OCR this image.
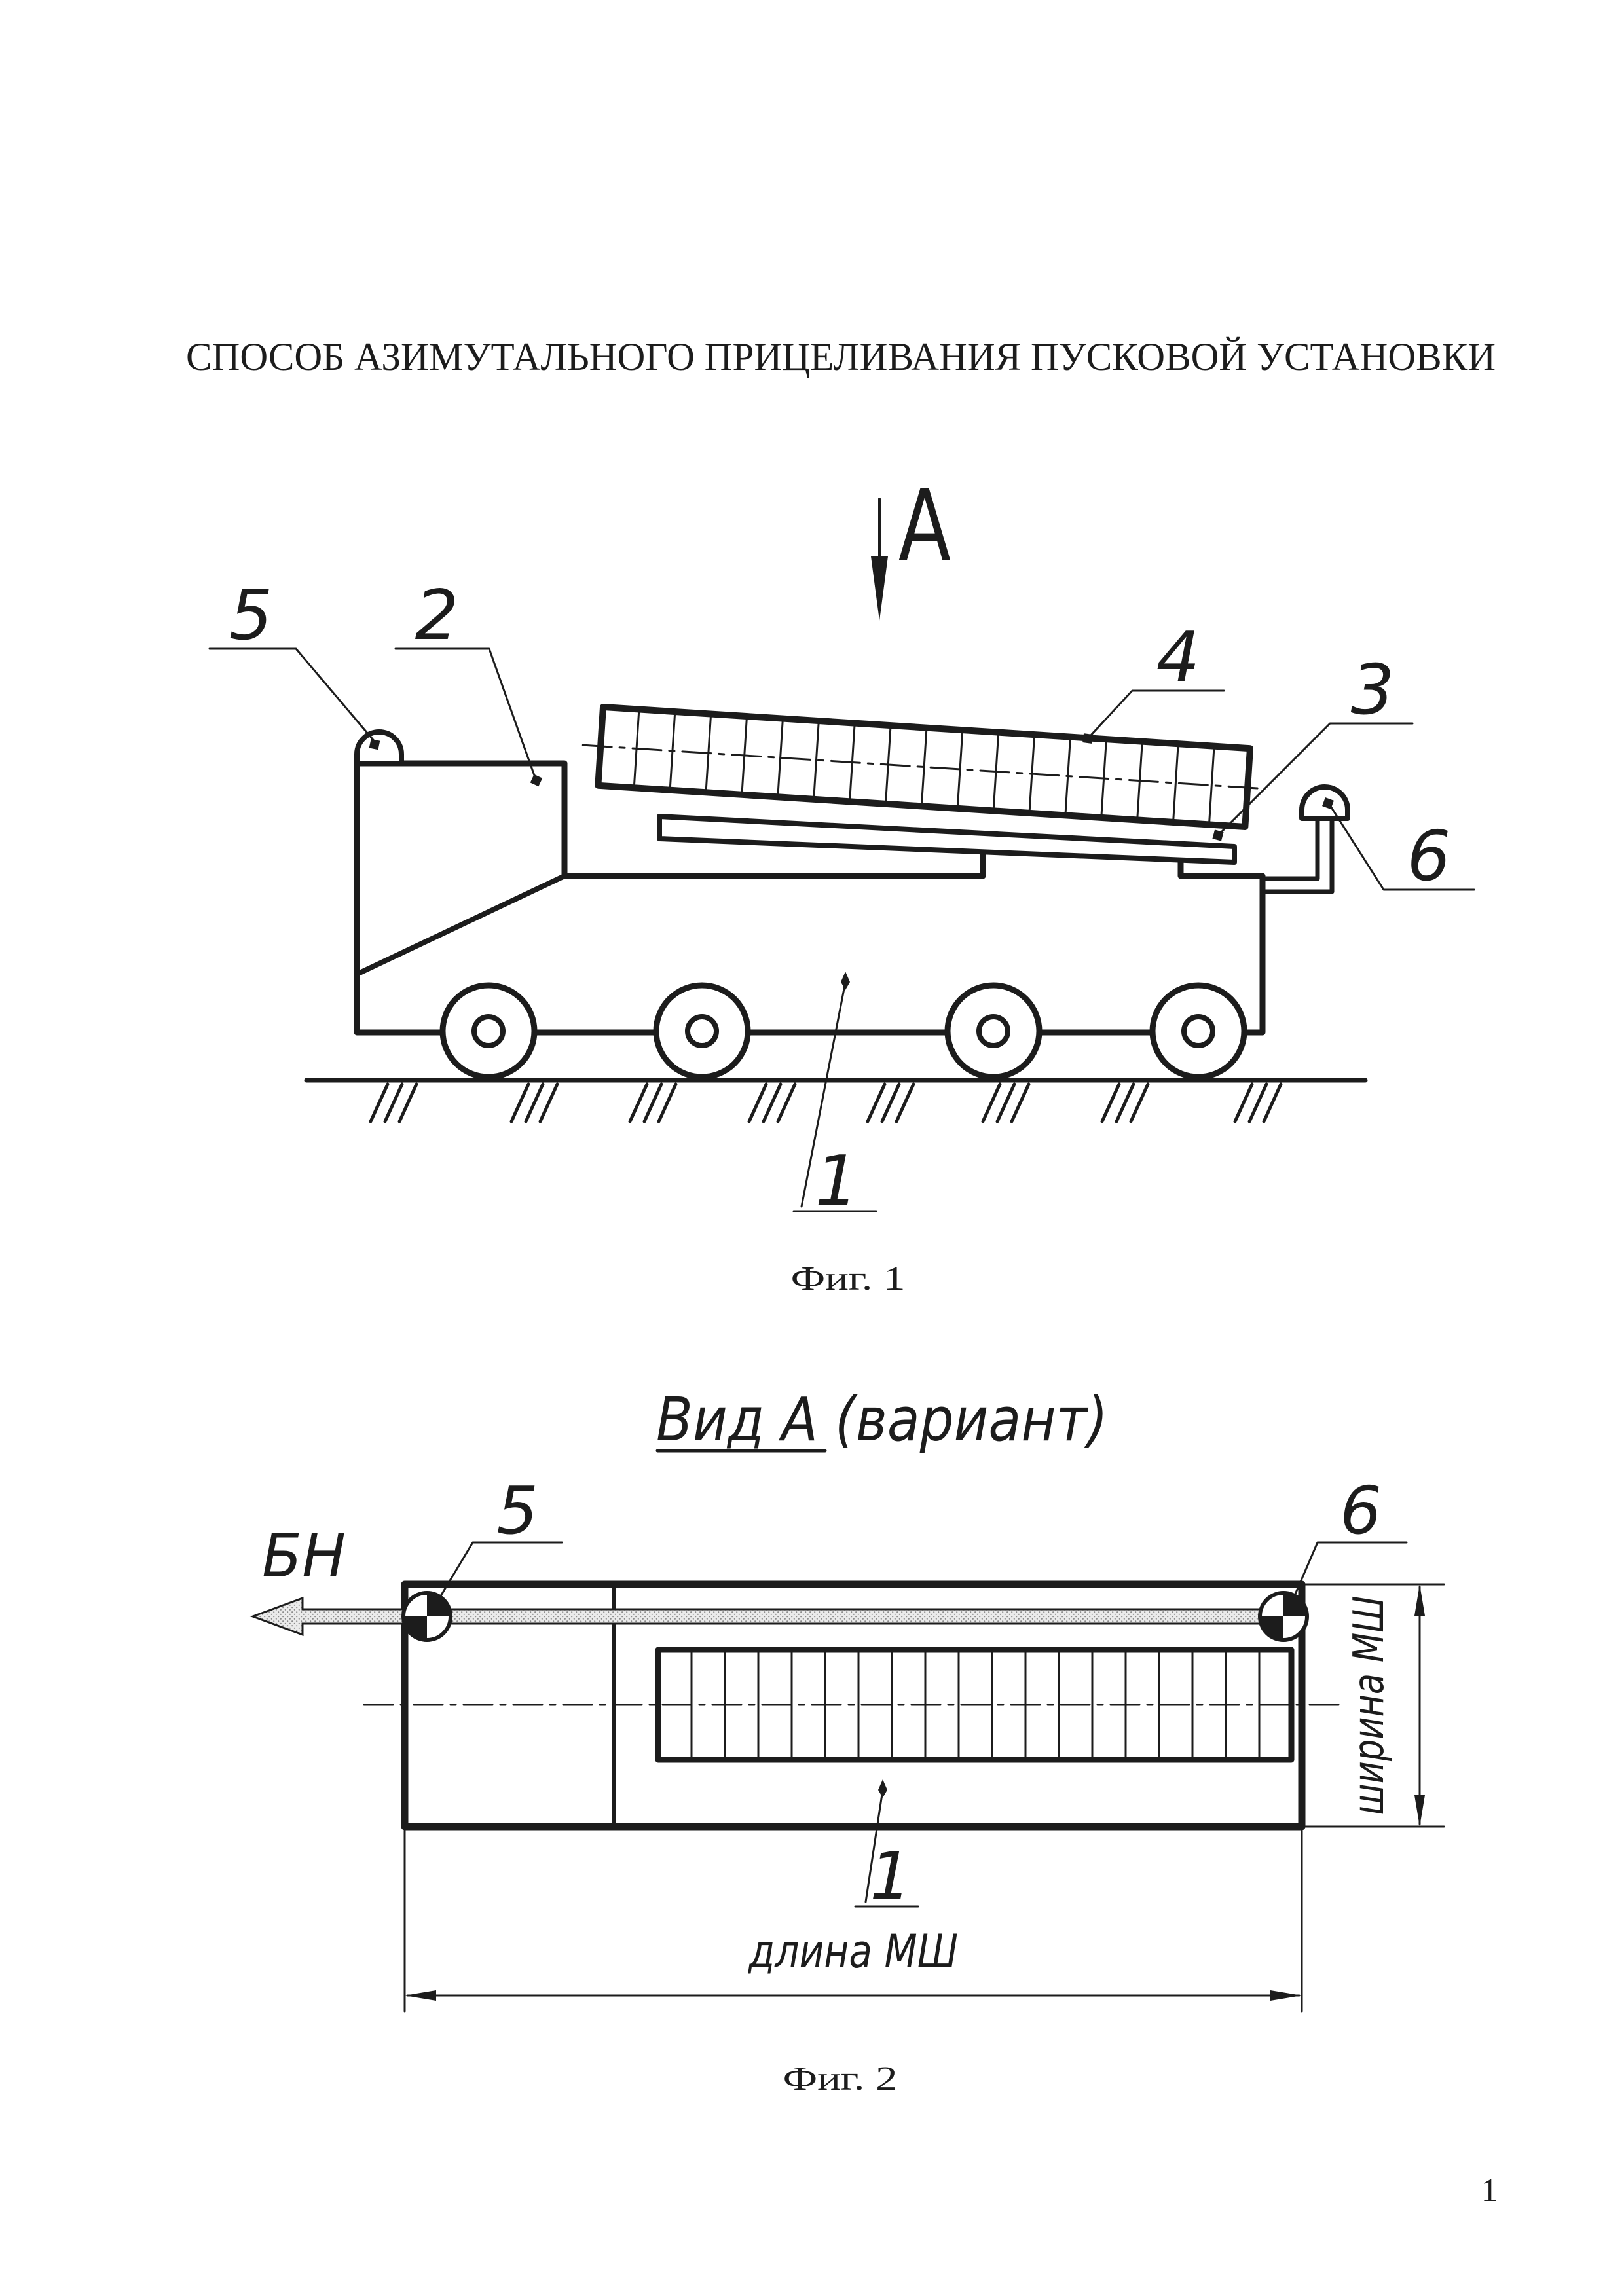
СПОСОБ АЗИМУТАЛЬНОГО ПРИЦЕЛИВАНИЯ ПУСКОВОЙ УСТАНОВКИ
1
А
5 2
4 3
6
1
Фиг. 1
Вид А (вариант)
БН
5	6
1
ширина МШ
длина МШ
Фиг. 2
